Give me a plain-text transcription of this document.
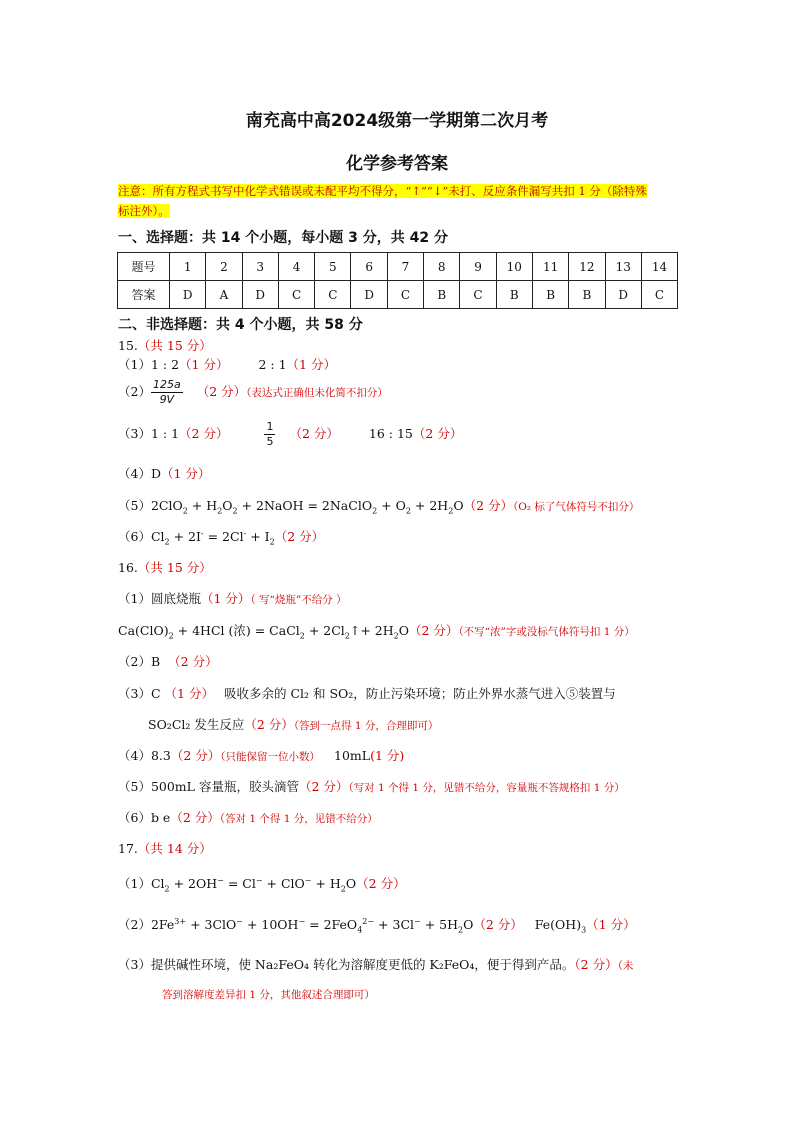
南充高中高2024级第一学期第二次月考
化学参考答案
注意：所有方程式书写中化学式错误或未配平均不得分，“↑”“↓”未打、反应条件漏写共扣 1 分（除特殊
标注外）。
一、选择题：共 14 个小题，每小题 3 分，共 42 分
题号	1	2	3	4	5	6	7	8	9	10	11	12	13	14
答案	D	A	D	C	C	D	C	B	C	B	B	B	D	C
二、非选择题：共 4 个小题，共 58 分
15.（共 15 分）
（1）1 : 2（1 分） 2 : 1（1 分）
$(2) \frac{125a}{9V} (2$ 分）（表达式正确但未化简不扣分）
（3）1 : 1（2 分）	$\frac{1}{5} (2$ 分） 16 : 15（2 分）
（4）D（1 分）
$(5)2ClO_2 + H_2O_2$ + 2NaOH = 2NaClO$_2$ + $O_2 + 2H_2O(2$ 分）（O₂ 标了气体符号不扣分）
$(6)Cl_2 + 2I^- = 2Cl^- + I_2(2$ 分）
16.（共 15 分）
（1）圆底烧瓶（1 分）（ 写“烧瓶”不给分 ）
$Ca(ClO)_2 + 4HCl$ (浓) = CaCl$_2$ + $2Cl_2↑+ 2H_2O(2$ 分）（不写“浓”字或没标气体符号扣 1 分）
（2）B （2 分）
（3）C （1 分） 吸收多余的 Cl₂ 和 SO₂，防止污染环境；防止外界水蒸气进入⑤装置与
SO₂Cl₂ 发生反应（2 分）（答到一点得 1 分，合理即可）
（4）8.3（2 分）（只能保留一位小数） 10mL(1 分)
（5）500mL 容量瓶，胶头滴管（2 分）（写对 1 个得 1 分，见错不给分，容量瓶不答规格扣 1 分）
（6）b e（2 分）（答对 1 个得 1 分，见错不给分）
17.（共 14 分）
$(1)Cl_2 + 2OH^- = Cl^- + ClO^- + H_2O(2$ 分）
$(2)2Fe^{3+} + 3ClO^- + 10OH^- = 2FeO_4^{2-} + 3Cl^- + 5H_2O(2$ 分） $Fe(OH)_3(1$ 分）
（3）提供碱性环境，使 Na₂FeO₄ 转化为溶解度更低的 K₂FeO₄，便于得到产品。（2 分）（未
答到溶解度差异扣 1 分，其他叙述合理即可）
